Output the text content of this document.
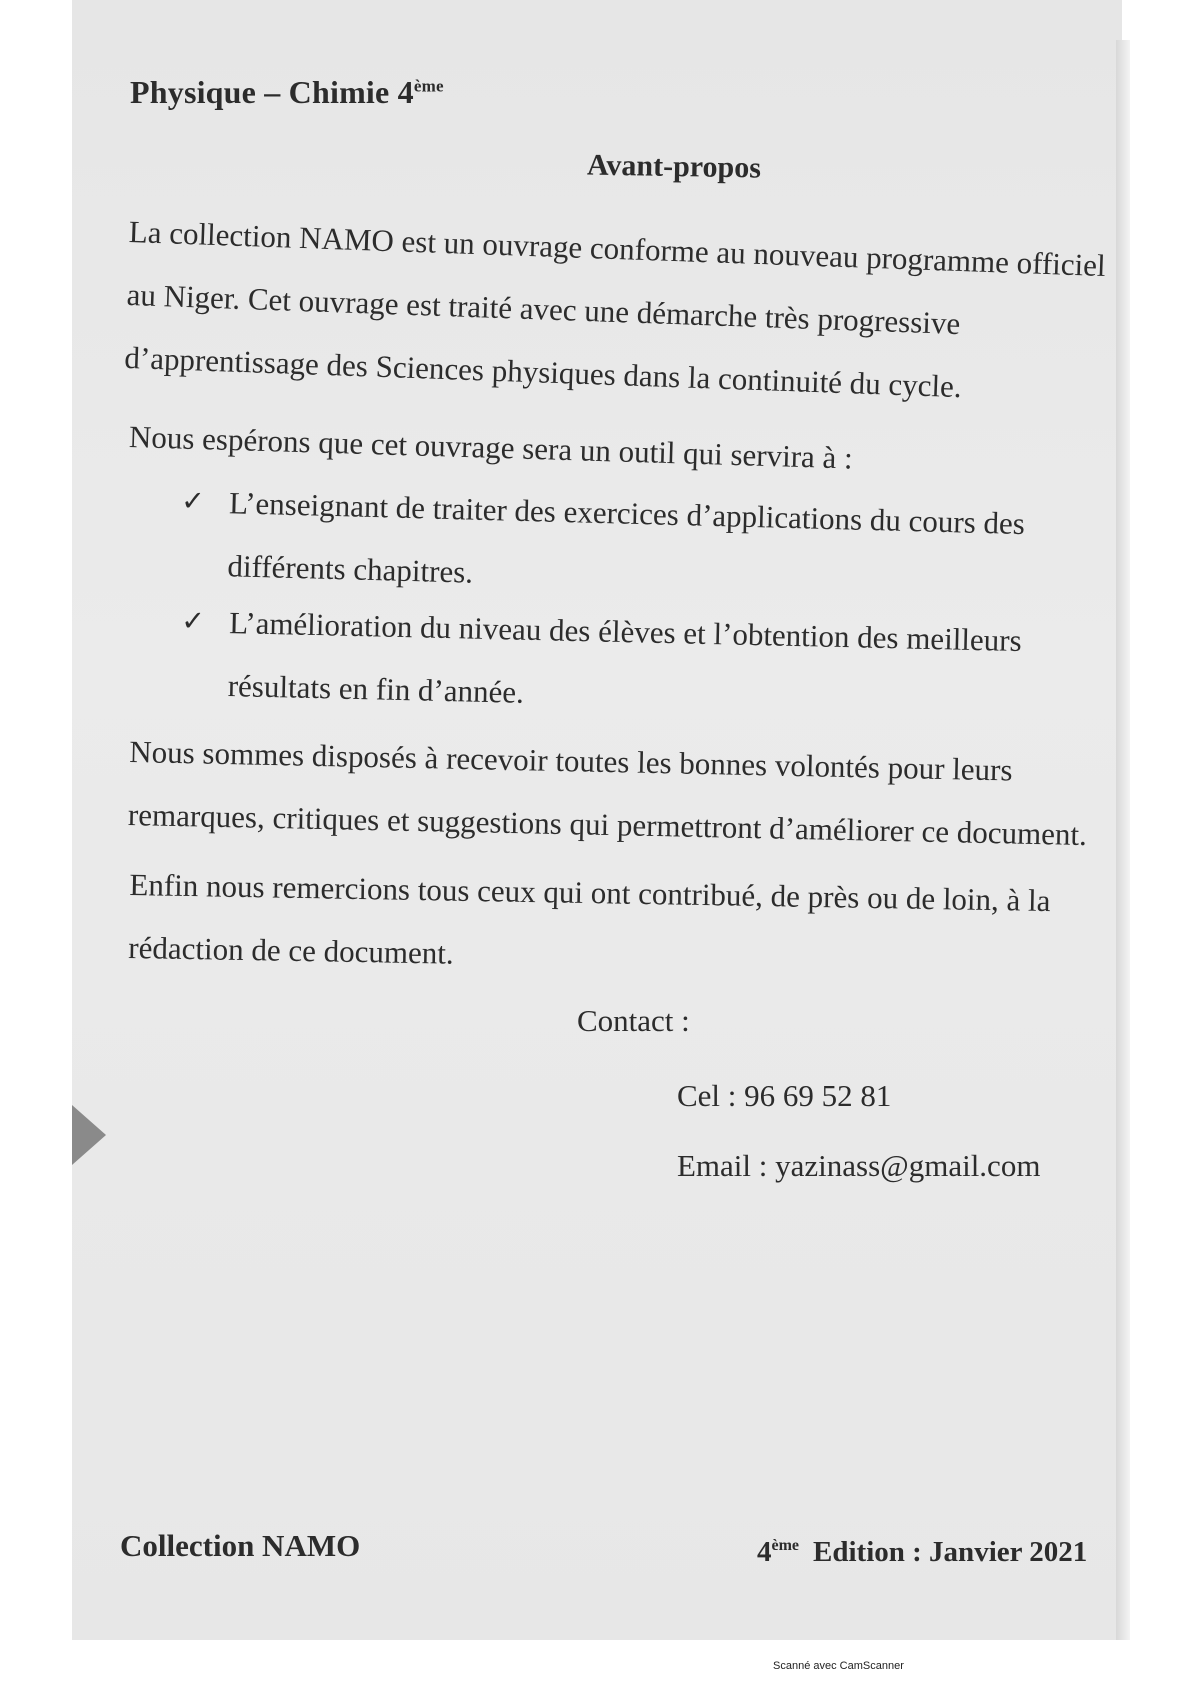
Physique – Chimie 4ème
Avant-propos
La collection NAMO est un ouvrage conforme au nouveau programme officiel au Niger. Cet ouvrage est traité avec une démarche très progressive d’apprentissage des Sciences physiques dans la continuité du cycle.
Nous espérons que cet ouvrage sera un outil qui servira à :
✓ L’enseignant de traiter des exercices d’applications du cours des différents chapitres.
✓ L’amélioration du niveau des élèves et l’obtention des meilleurs résultats en fin d’année.
Nous sommes disposés à recevoir toutes les bonnes volontés pour leurs remarques, critiques et suggestions qui permettront d’améliorer ce document.
Enfin nous remercions tous ceux qui ont contribué, de près ou de loin, à la rédaction de ce document.
Contact :
Cel : 96 69 52 81
Email : yazinass@gmail.com
Collection NAMO	4ème Edition : Janvier 2021
Scanné avec CamScanner
